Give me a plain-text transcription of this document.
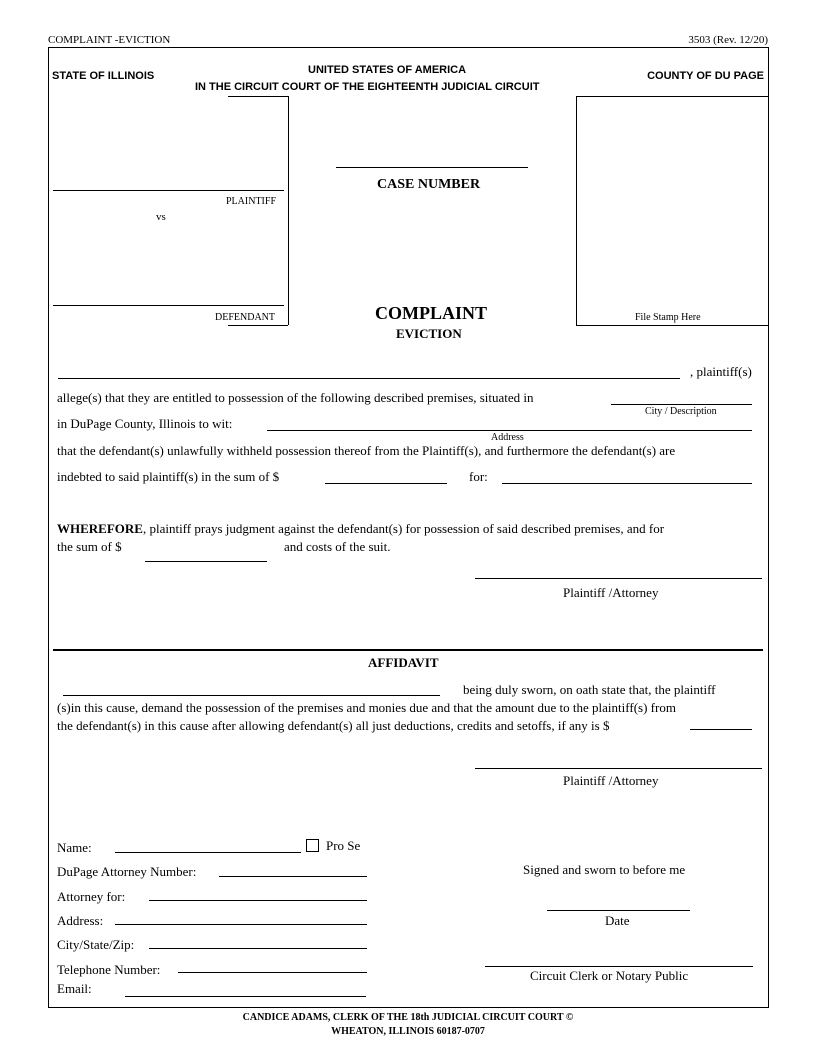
COMPLAINT -EVICTION	3503 (Rev. 12/20)
STATE OF ILLINOIS	UNITED STATES OF AMERICA
IN THE CIRCUIT COURT OF THE EIGHTEENTH JUDICIAL CIRCUIT
COUNTY OF DU PAGE
PLAINTIFF
vs
DEFENDANT
CASE NUMBER
COMPLAINT
EVICTION
File Stamp Here
, plaintiff(s)
allege(s) that they are entitled to possession of the following described premises, situated in
City / Description
in DuPage County, Illinois to wit:
Address
that the defendant(s) unlawfully withheld possession thereof from the Plaintiff(s), and furthermore the defendant(s) are
indebted to said plaintiff(s) in the sum of $	for:
WHEREFORE, plaintiff prays judgment against the defendant(s) for possession of said described premises, and for
the sum of $	and costs of the suit.
Plaintiff /Attorney
AFFIDAVIT
being duly sworn, on oath state that, the plaintiff
(s)in this cause, demand the possession of the premises and monies due and that the amount due to the plaintiff(s) from
the defendant(s) in this cause after allowing defendant(s) all just deductions, credits and setoffs, if any is $
Plaintiff /Attorney
Name:	Pro Se
DuPage Attorney Number:
Attorney for:
Address:
City/State/Zip:
Telephone Number:
Email:
Signed and sworn to before me
Date
Circuit Clerk or Notary Public
CANDICE ADAMS, CLERK OF THE 18th JUDICIAL CIRCUIT COURT ©
WHEATON, ILLINOIS 60187-0707
